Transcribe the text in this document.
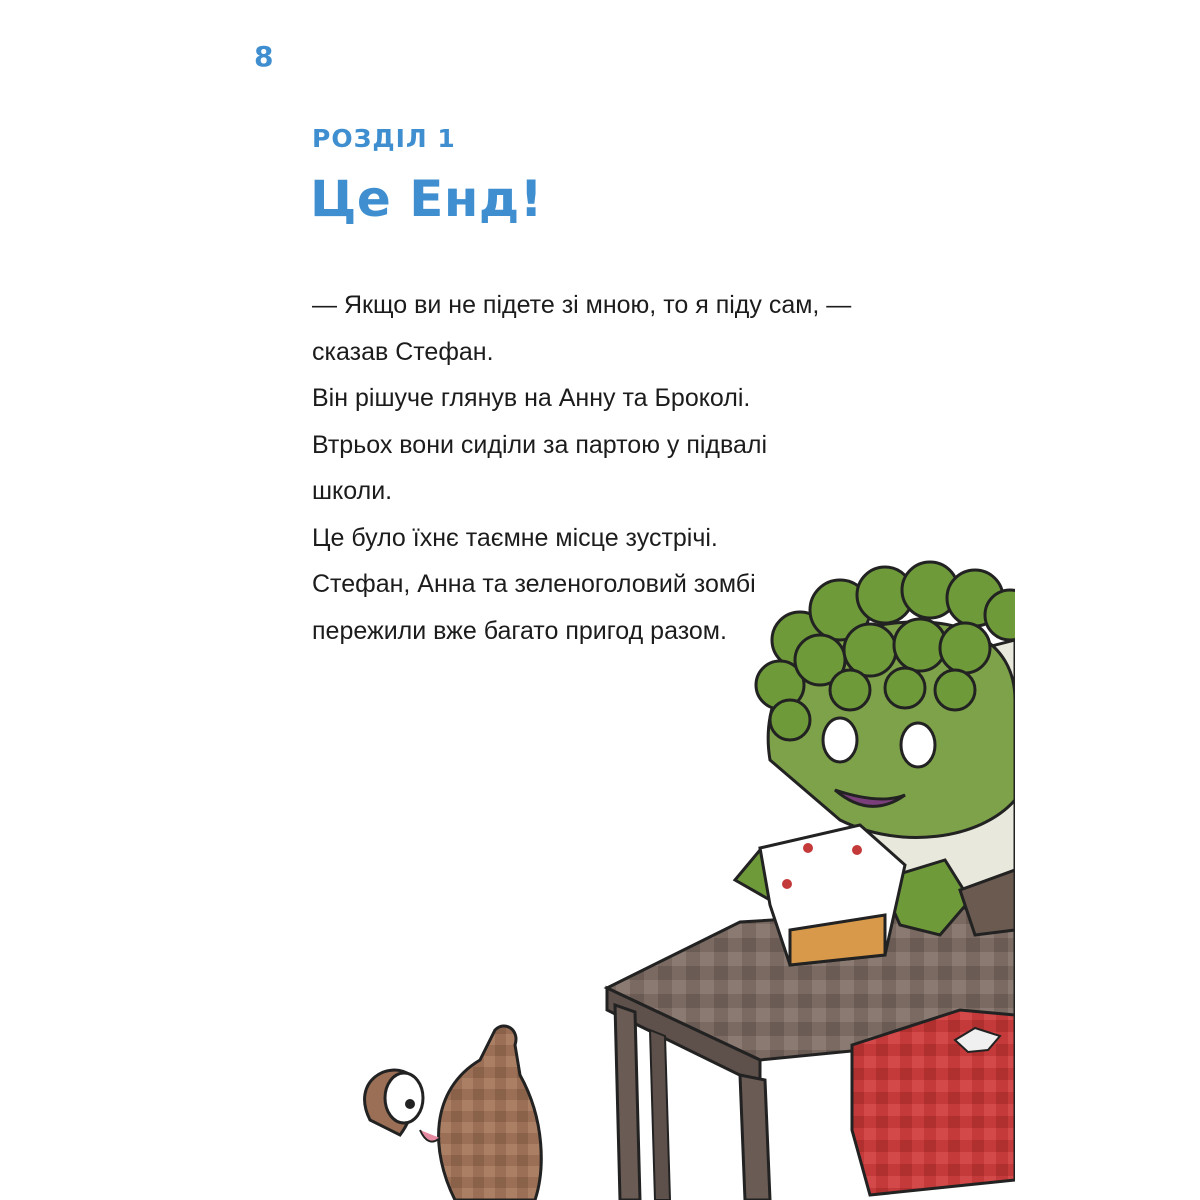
8
РОЗДІЛ 1
Це Енд!
— Якщо ви не підете зі мною, то я піду сам, —
сказав Стефан.
Він рішуче глянув на Анну та Броколі.
Втрьох вони сиділи за партою у підвалі
школи.
Це було їхнє таємне місце зустрічі.
Стефан, Анна та зеленоголовий зомбі
пережили вже багато пригод разом.
